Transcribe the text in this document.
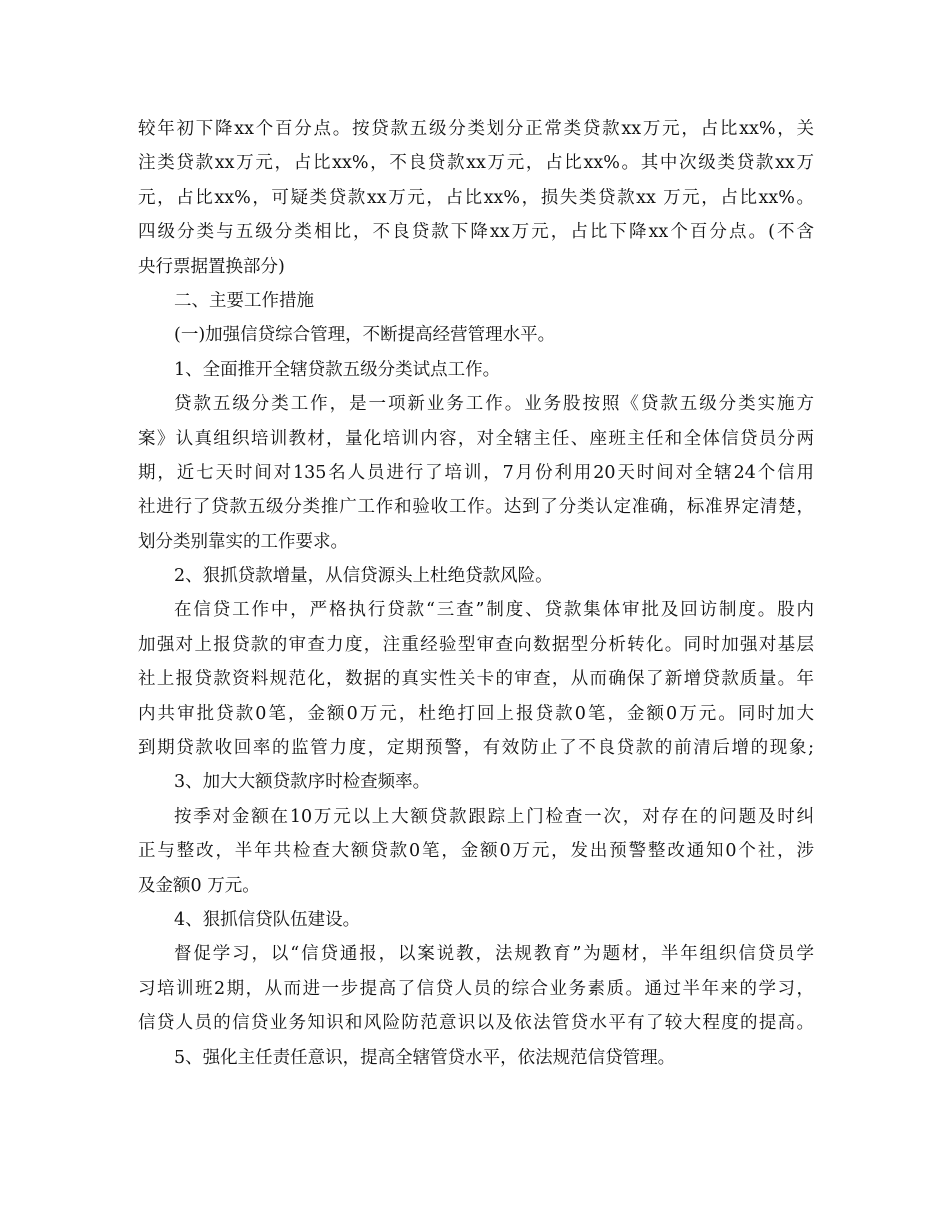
较年初下降xx个百分点。按贷款五级分类划分正常类贷款xx万元，占比xx%，关
注类贷款xx万元，占比xx%，不良贷款xx万元，占比xx%。其中次级类贷款xx万
元，占比xx%，可疑类贷款xx万元，占比xx%，损失类贷款xx 万元，占比xx%。
四级分类与五级分类相比，不良贷款下降xx万元，占比下降xx个百分点。(不含
央行票据置换部分)
二、主要工作措施
(一)加强信贷综合管理，不断提高经营管理水平。
1、全面推开全辖贷款五级分类试点工作。
贷款五级分类工作，是一项新业务工作。业务股按照《贷款五级分类实施方
案》认真组织培训教材，量化培训内容，对全辖主任、座班主任和全体信贷员分两
期，近七天时间对135名人员进行了培训，7月份利用20天时间对全辖24个信用
社进行了贷款五级分类推广工作和验收工作。达到了分类认定准确，标准界定清楚，
划分类别靠实的工作要求。
2、狠抓贷款增量，从信贷源头上杜绝贷款风险。
在信贷工作中，严格执行贷款“三查”制度、贷款集体审批及回访制度。股内
加强对上报贷款的审查力度，注重经验型审查向数据型分析转化。同时加强对基层
社上报贷款资料规范化，数据的真实性关卡的审查，从而确保了新增贷款质量。年
内共审批贷款0笔，金额0万元，杜绝打回上报贷款0笔，金额0万元。同时加大
到期贷款收回率的监管力度，定期预警，有效防止了不良贷款的前清后增的现象;
3、加大大额贷款序时检查频率。
按季对金额在10万元以上大额贷款跟踪上门检查一次，对存在的问题及时纠
正与整改，半年共检查大额贷款0笔，金额0万元，发出预警整改通知0个社，涉
及金额0 万元。
4、狠抓信贷队伍建设。
督促学习，以“信贷通报，以案说教，法规教育”为题材，半年组织信贷员学
习培训班2期，从而进一步提高了信贷人员的综合业务素质。通过半年来的学习，
信贷人员的信贷业务知识和风险防范意识以及依法管贷水平有了较大程度的提高。
5、强化主任责任意识，提高全辖管贷水平，依法规范信贷管理。
